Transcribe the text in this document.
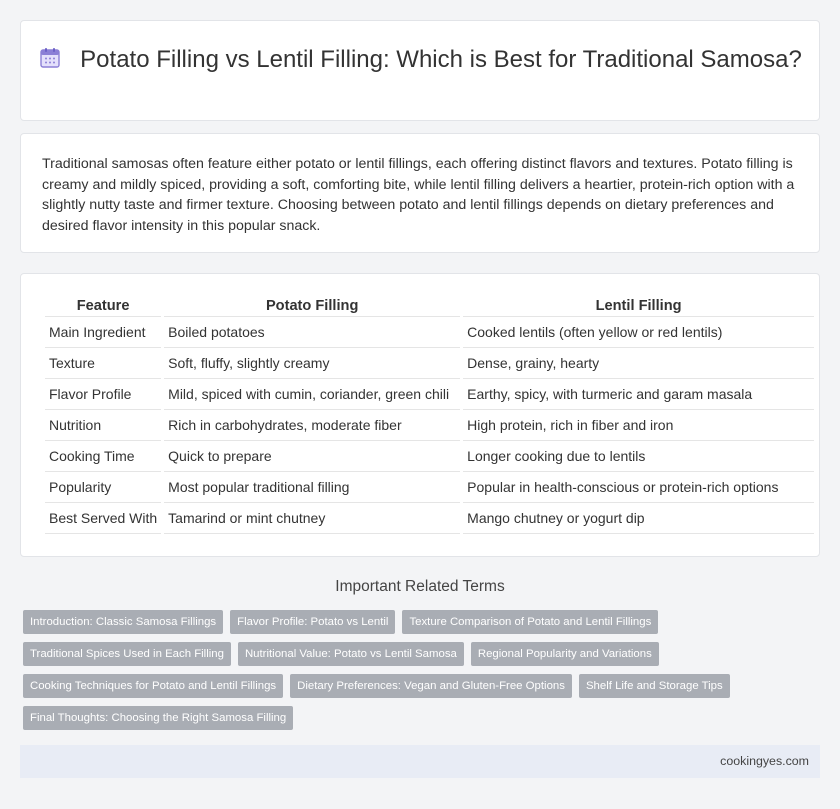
Potato Filling vs Lentil Filling: Which is Best for Traditional Samosa?

Traditional samosas often feature either potato or lentil fillings, each offering distinct flavors and textures. Potato filling is creamy and mildly spiced, providing a soft, comforting bite, while lentil filling delivers a heartier, protein-rich option with a slightly nutty taste and firmer texture. Choosing between potato and lentil fillings depends on dietary preferences and desired flavor intensity in this popular snack.

Feature	Potato Filling	Lentil Filling
Main Ingredient	Boiled potatoes	Cooked lentils (often yellow or red lentils)
Texture	Soft, fluffy, slightly creamy	Dense, grainy, hearty
Flavor Profile	Mild, spiced with cumin, coriander, green chili	Earthy, spicy, with turmeric and garam masala
Nutrition	Rich in carbohydrates, moderate fiber	High protein, rich in fiber and iron
Cooking Time	Quick to prepare	Longer cooking due to lentils
Popularity	Most popular traditional filling	Popular in health-conscious or protein-rich options
Best Served With	Tamarind or mint chutney	Mango chutney or yogurt dip
Important Related Terms
Introduction: Classic Samosa Fillings	Flavor Profile: Potato vs Lentil	Texture Comparison of Potato and Lentil Fillings
Traditional Spices Used in Each Filling	Nutritional Value: Potato vs Lentil Samosa	Regional Popularity and Variations
Cooking Techniques for Potato and Lentil Fillings	Dietary Preferences: Vegan and Gluten-Free Options	Shelf Life and Storage Tips
Final Thoughts: Choosing the Right Samosa Filling
cookingyes.com
